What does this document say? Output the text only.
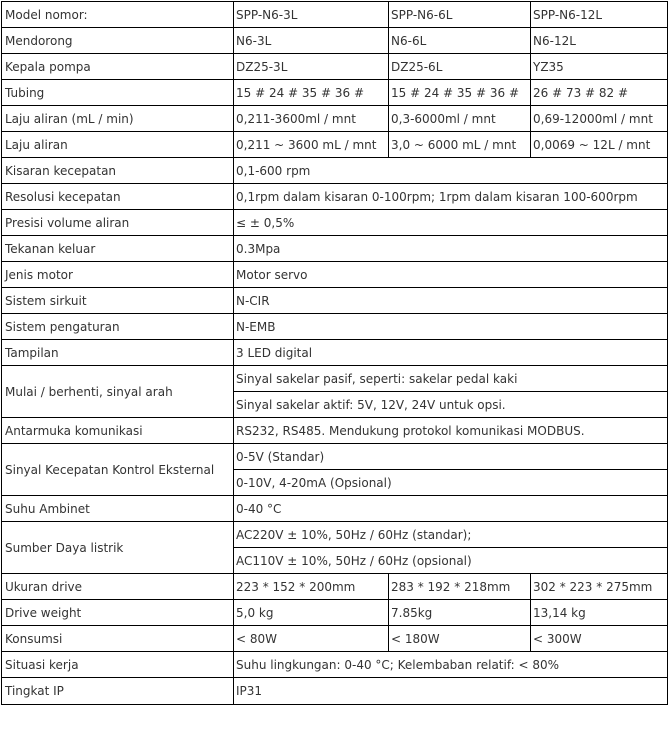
Model nomor:	SPP-N6-3L	SPP-N6-6L	SPP-N6-12L
Mendorong	N6-3L	N6-6L	N6-12L
Kepala pompa	DZ25-3L	DZ25-6L	YZ35
Tubing	15 # 24 # 35 # 36 #	15 # 24 # 35 # 36 #	26 # 73 # 82 #
Laju aliran (mL / min)	0,211-3600ml / mnt	0,3-6000ml / mnt	0,69-12000ml / mnt
Laju aliran	0,211 ~ 3600 mL / mnt	3,0 ~ 6000 mL / mnt	0,0069 ~ 12L / mnt
Kisaran kecepatan	0,1-600 rpm		
Resolusi kecepatan	0,1rpm dalam kisaran 0-100rpm; 1rpm dalam kisaran 100-600rpm		
Presisi volume aliran	≤ ± 0,5%		
Tekanan keluar	0.3Mpa		
Jenis motor	Motor servo		
Sistem sirkuit	N-CIR		
Sistem pengaturan	N-EMB		
Tampilan	3 LED digital		
Mulai / berhenti, sinyal arah	Sinyal sakelar pasif, seperti: sakelar pedal kaki		
	Sinyal sakelar aktif: 5V, 12V, 24V untuk opsi.		
Antarmuka komunikasi	RS232, RS485. Mendukung protokol komunikasi MODBUS.		
Sinyal Kecepatan Kontrol Eksternal	0-5V (Standar)		
	0-10V, 4-20mA (Opsional)		
Suhu Ambinet	0-40 °C		
Sumber Daya listrik	AC220V ± 10%, 50Hz / 60Hz (standar);		
	AC110V ± 10%, 50Hz / 60Hz (opsional)		
Ukuran drive	223 * 152 * 200mm	283 * 192 * 218mm	302 * 223 * 275mm
Drive weight	5,0 kg	7.85kg	13,14 kg
Konsumsi	< 80W	< 180W	< 300W
Situasi kerja	Suhu lingkungan: 0-40 °C; Kelembaban relatif: < 80%		
Tingkat IP	IP31		
